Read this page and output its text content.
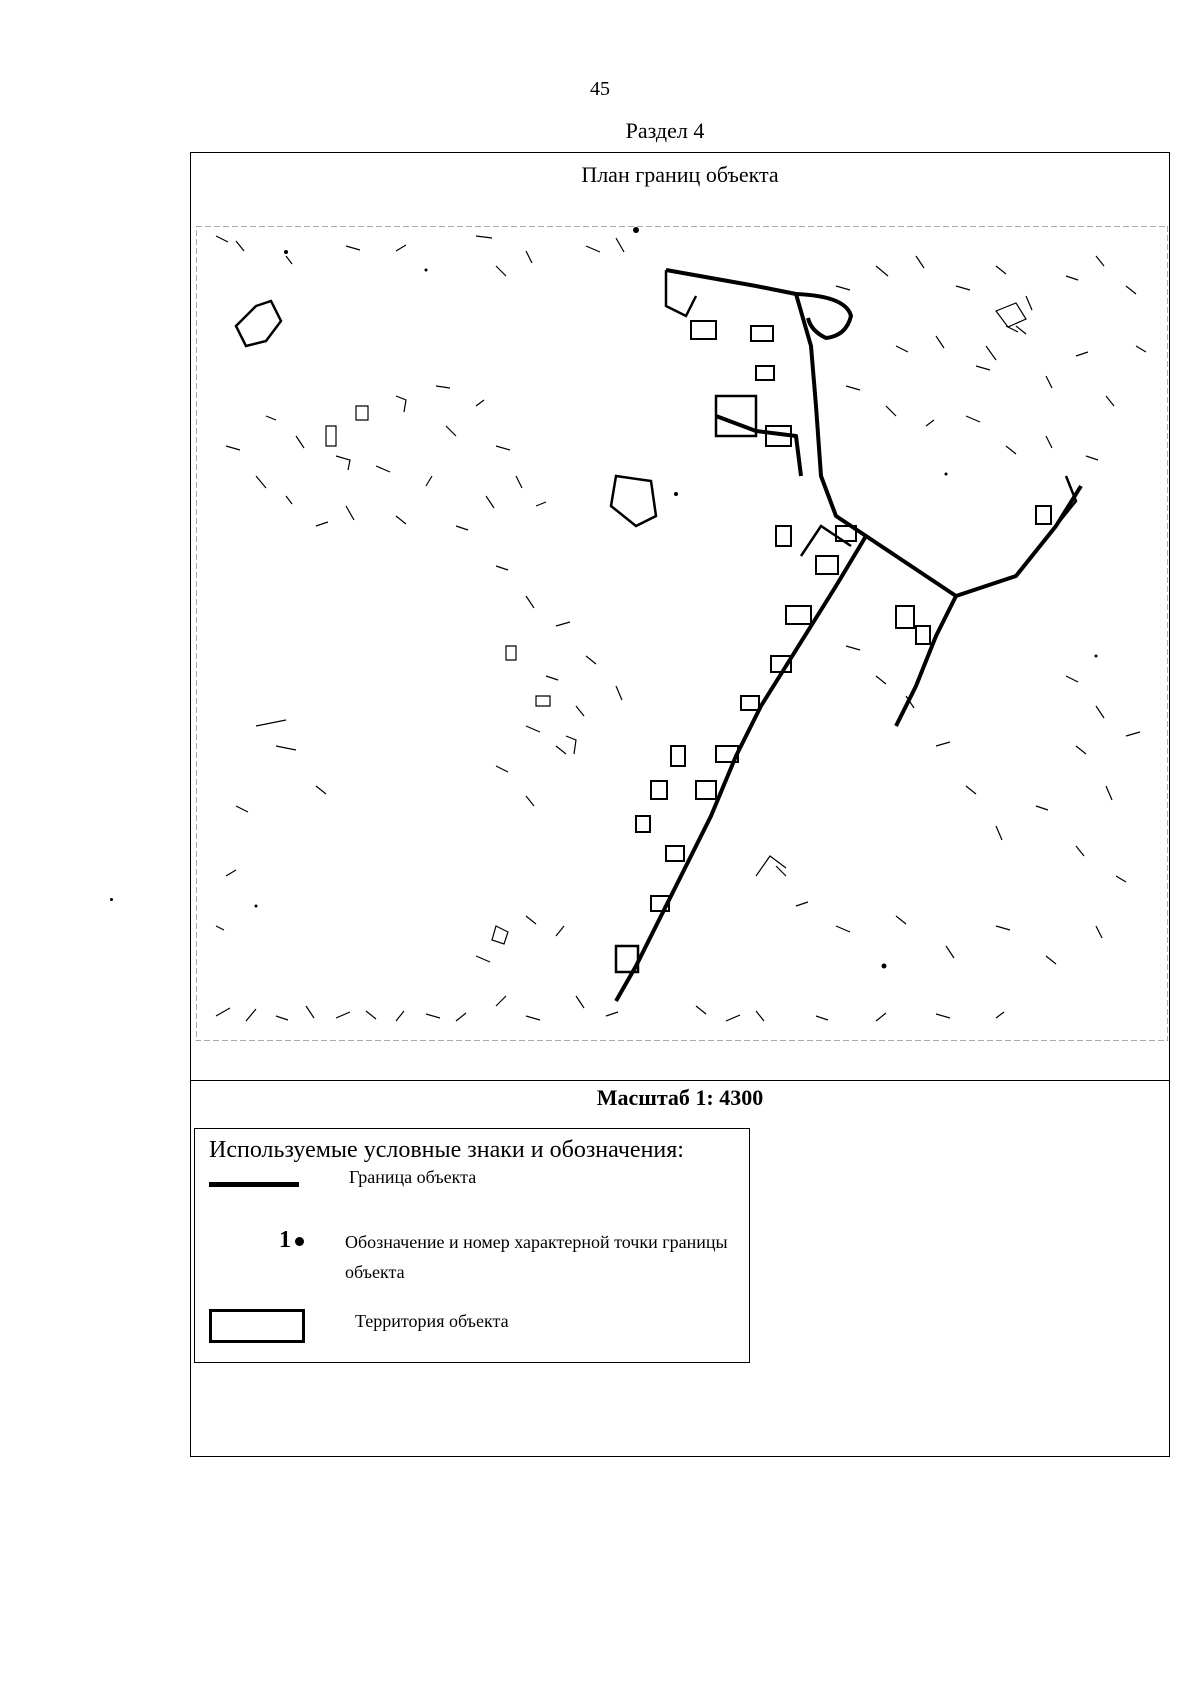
45
Раздел 4
План границ объекта
Масштаб 1: 4300
Используемые условные знаки и обозначения:
Граница объекта
1	Обозначение и номер характерной точки границы объекта
Территория объекта
